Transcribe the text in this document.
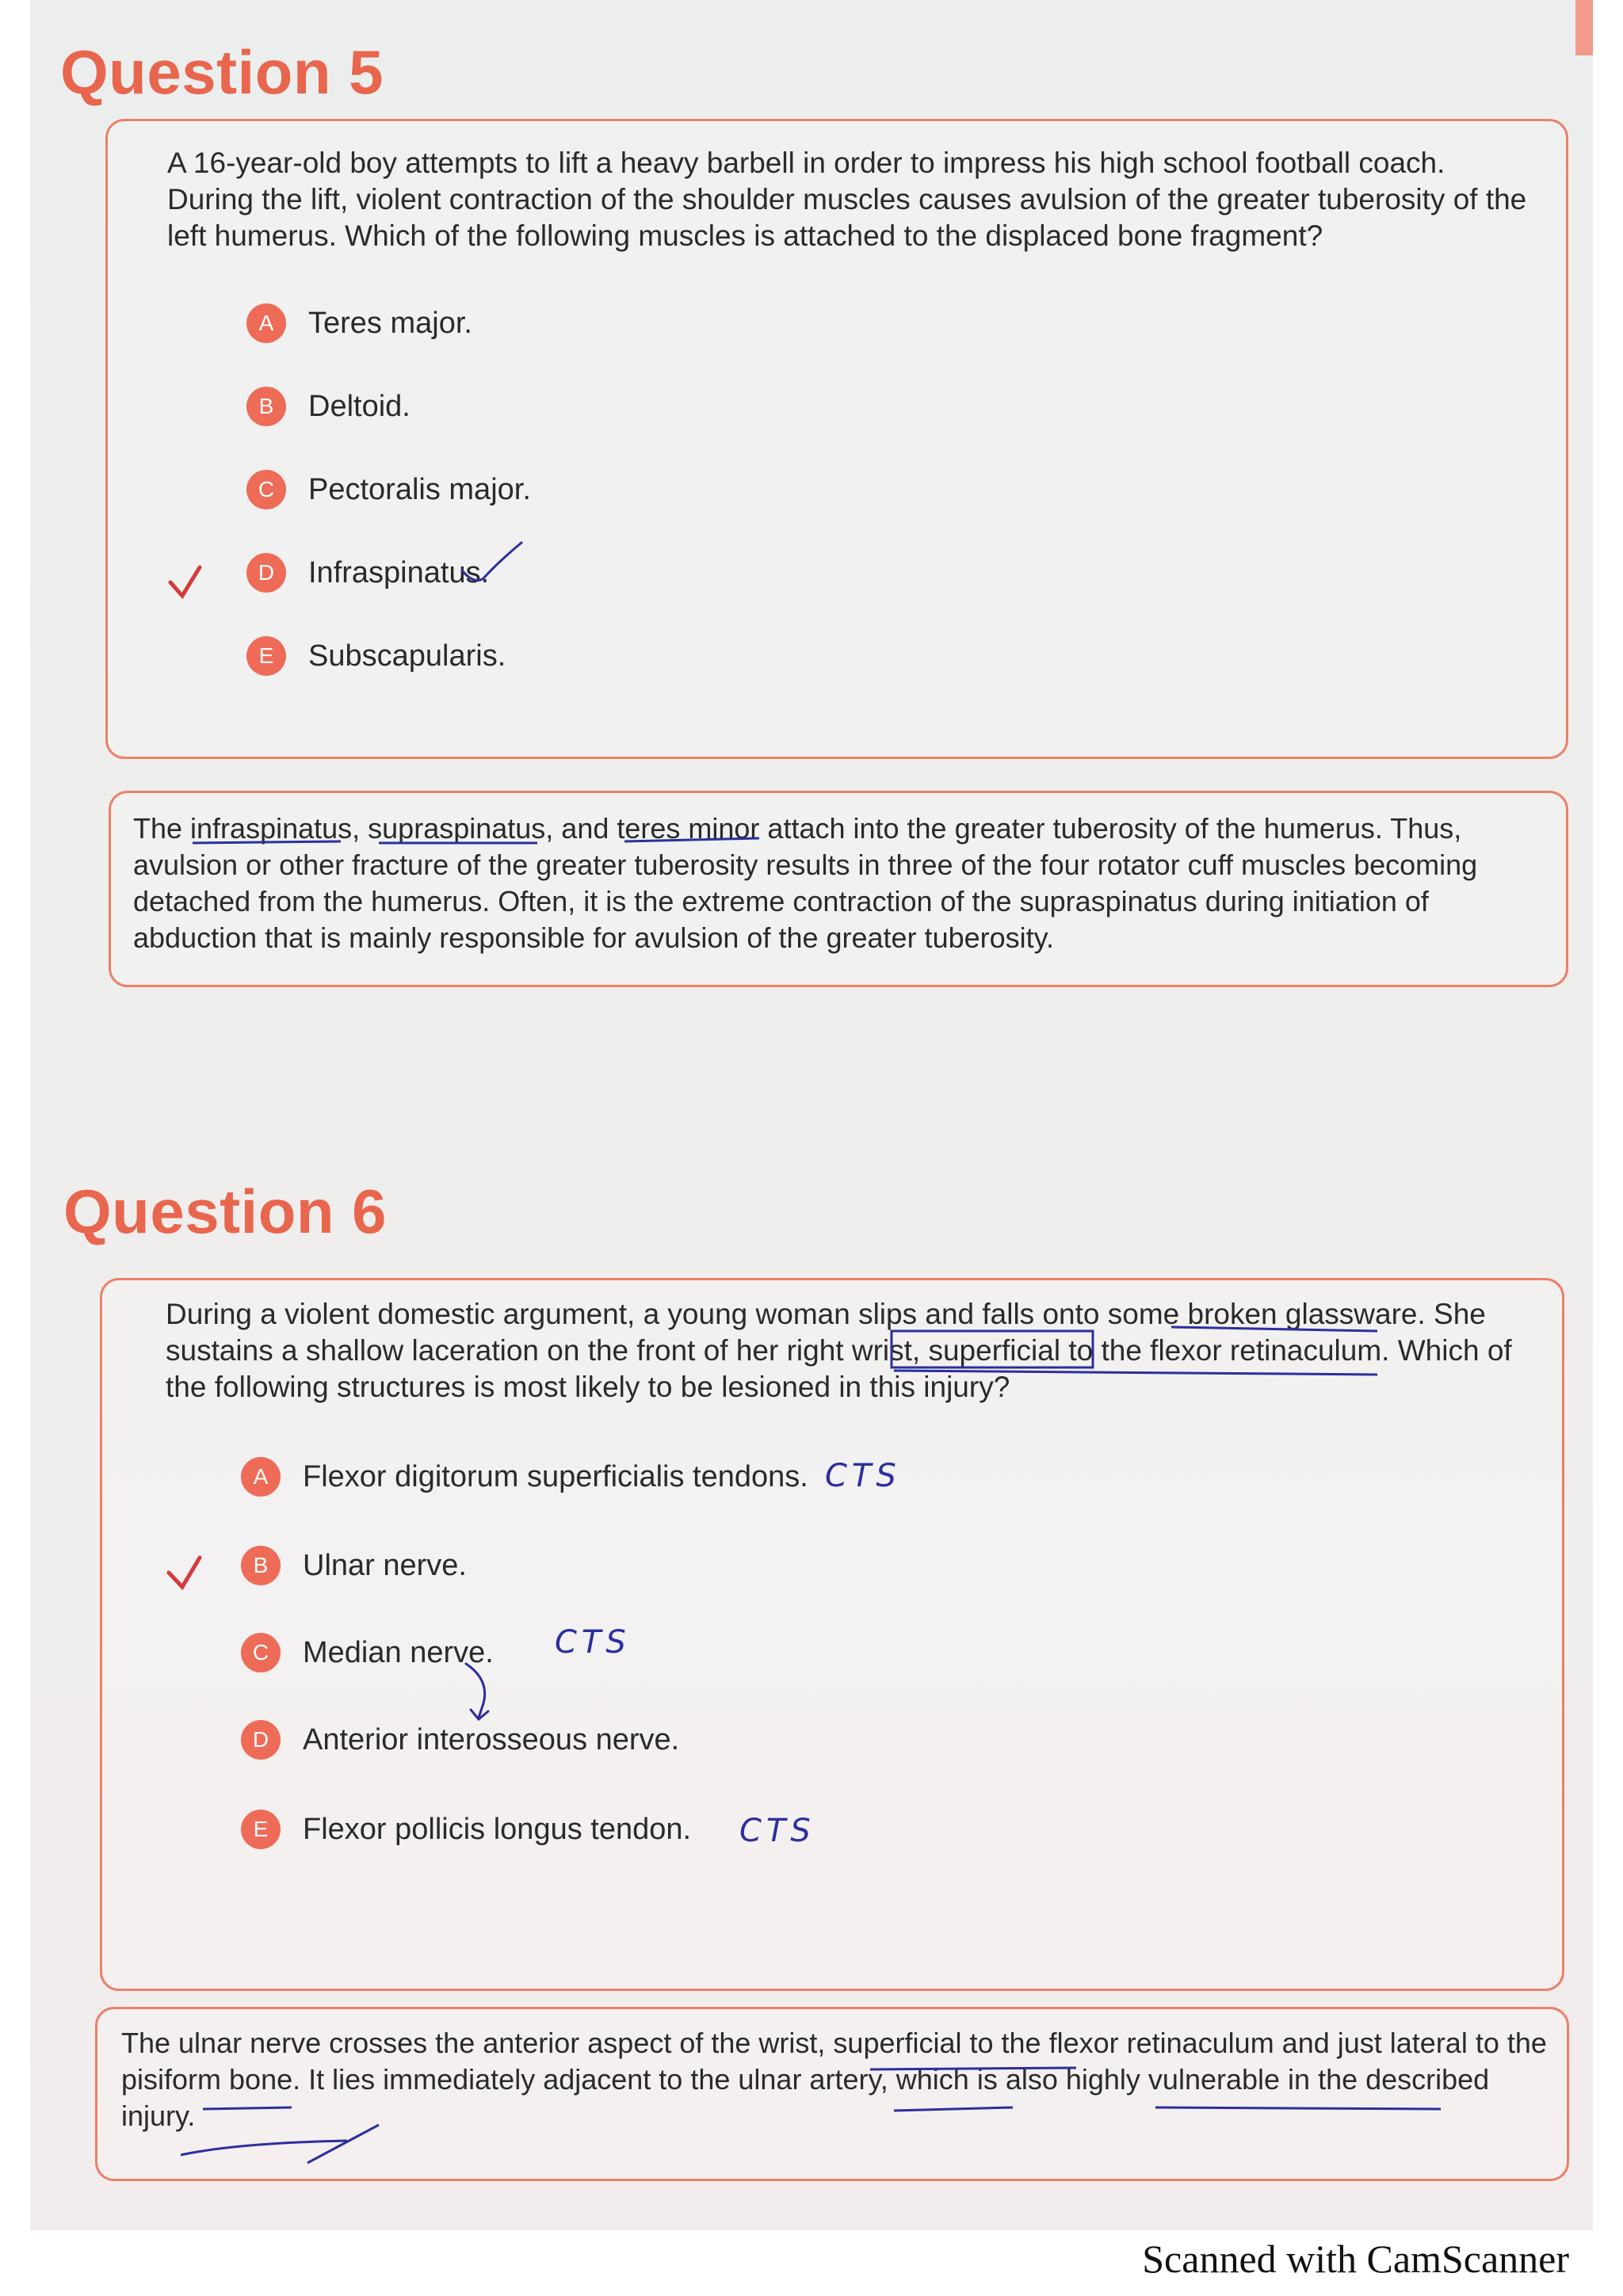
Question 5

A 16-year-old boy attempts to lift a heavy barbell in order to impress his high school football coach. During the lift, violent contraction of the shoulder muscles causes avulsion of the greater tuberosity of the left humerus. Which of the following muscles is attached to the displaced bone fragment?

A	Teres major.
B	Deltoid.
C	Pectoralis major.
D	Infraspinatus.
E	Subscapularis.

The infraspinatus, supraspinatus, and teres minor attach into the greater tuberosity of the humerus. Thus, avulsion or other fracture of the greater tuberosity results in three of the four rotator cuff muscles becoming detached from the humerus. Often, it is the extreme contraction of the supraspinatus during initiation of abduction that is mainly responsible for avulsion of the greater tuberosity.

Question 6

During a violent domestic argument, a young woman slips and falls onto some broken glassware. She sustains a shallow laceration on the front of her right wrist, superficial to the flexor retinaculum. Which of the following structures is most likely to be lesioned in this injury?

A	Flexor digitorum superficialis tendons.
B	Ulnar nerve.
C	Median nerve.
D	Anterior interosseous nerve.
E	Flexor pollicis longus tendon.

The ulnar nerve crosses the anterior aspect of the wrist, superficial to the flexor retinaculum and just lateral to the pisiform bone. It lies immediately adjacent to the ulnar artery, which is also highly vulnerable in the described injury.

CTS
CTS
CTS

Scanned with CamScanner
